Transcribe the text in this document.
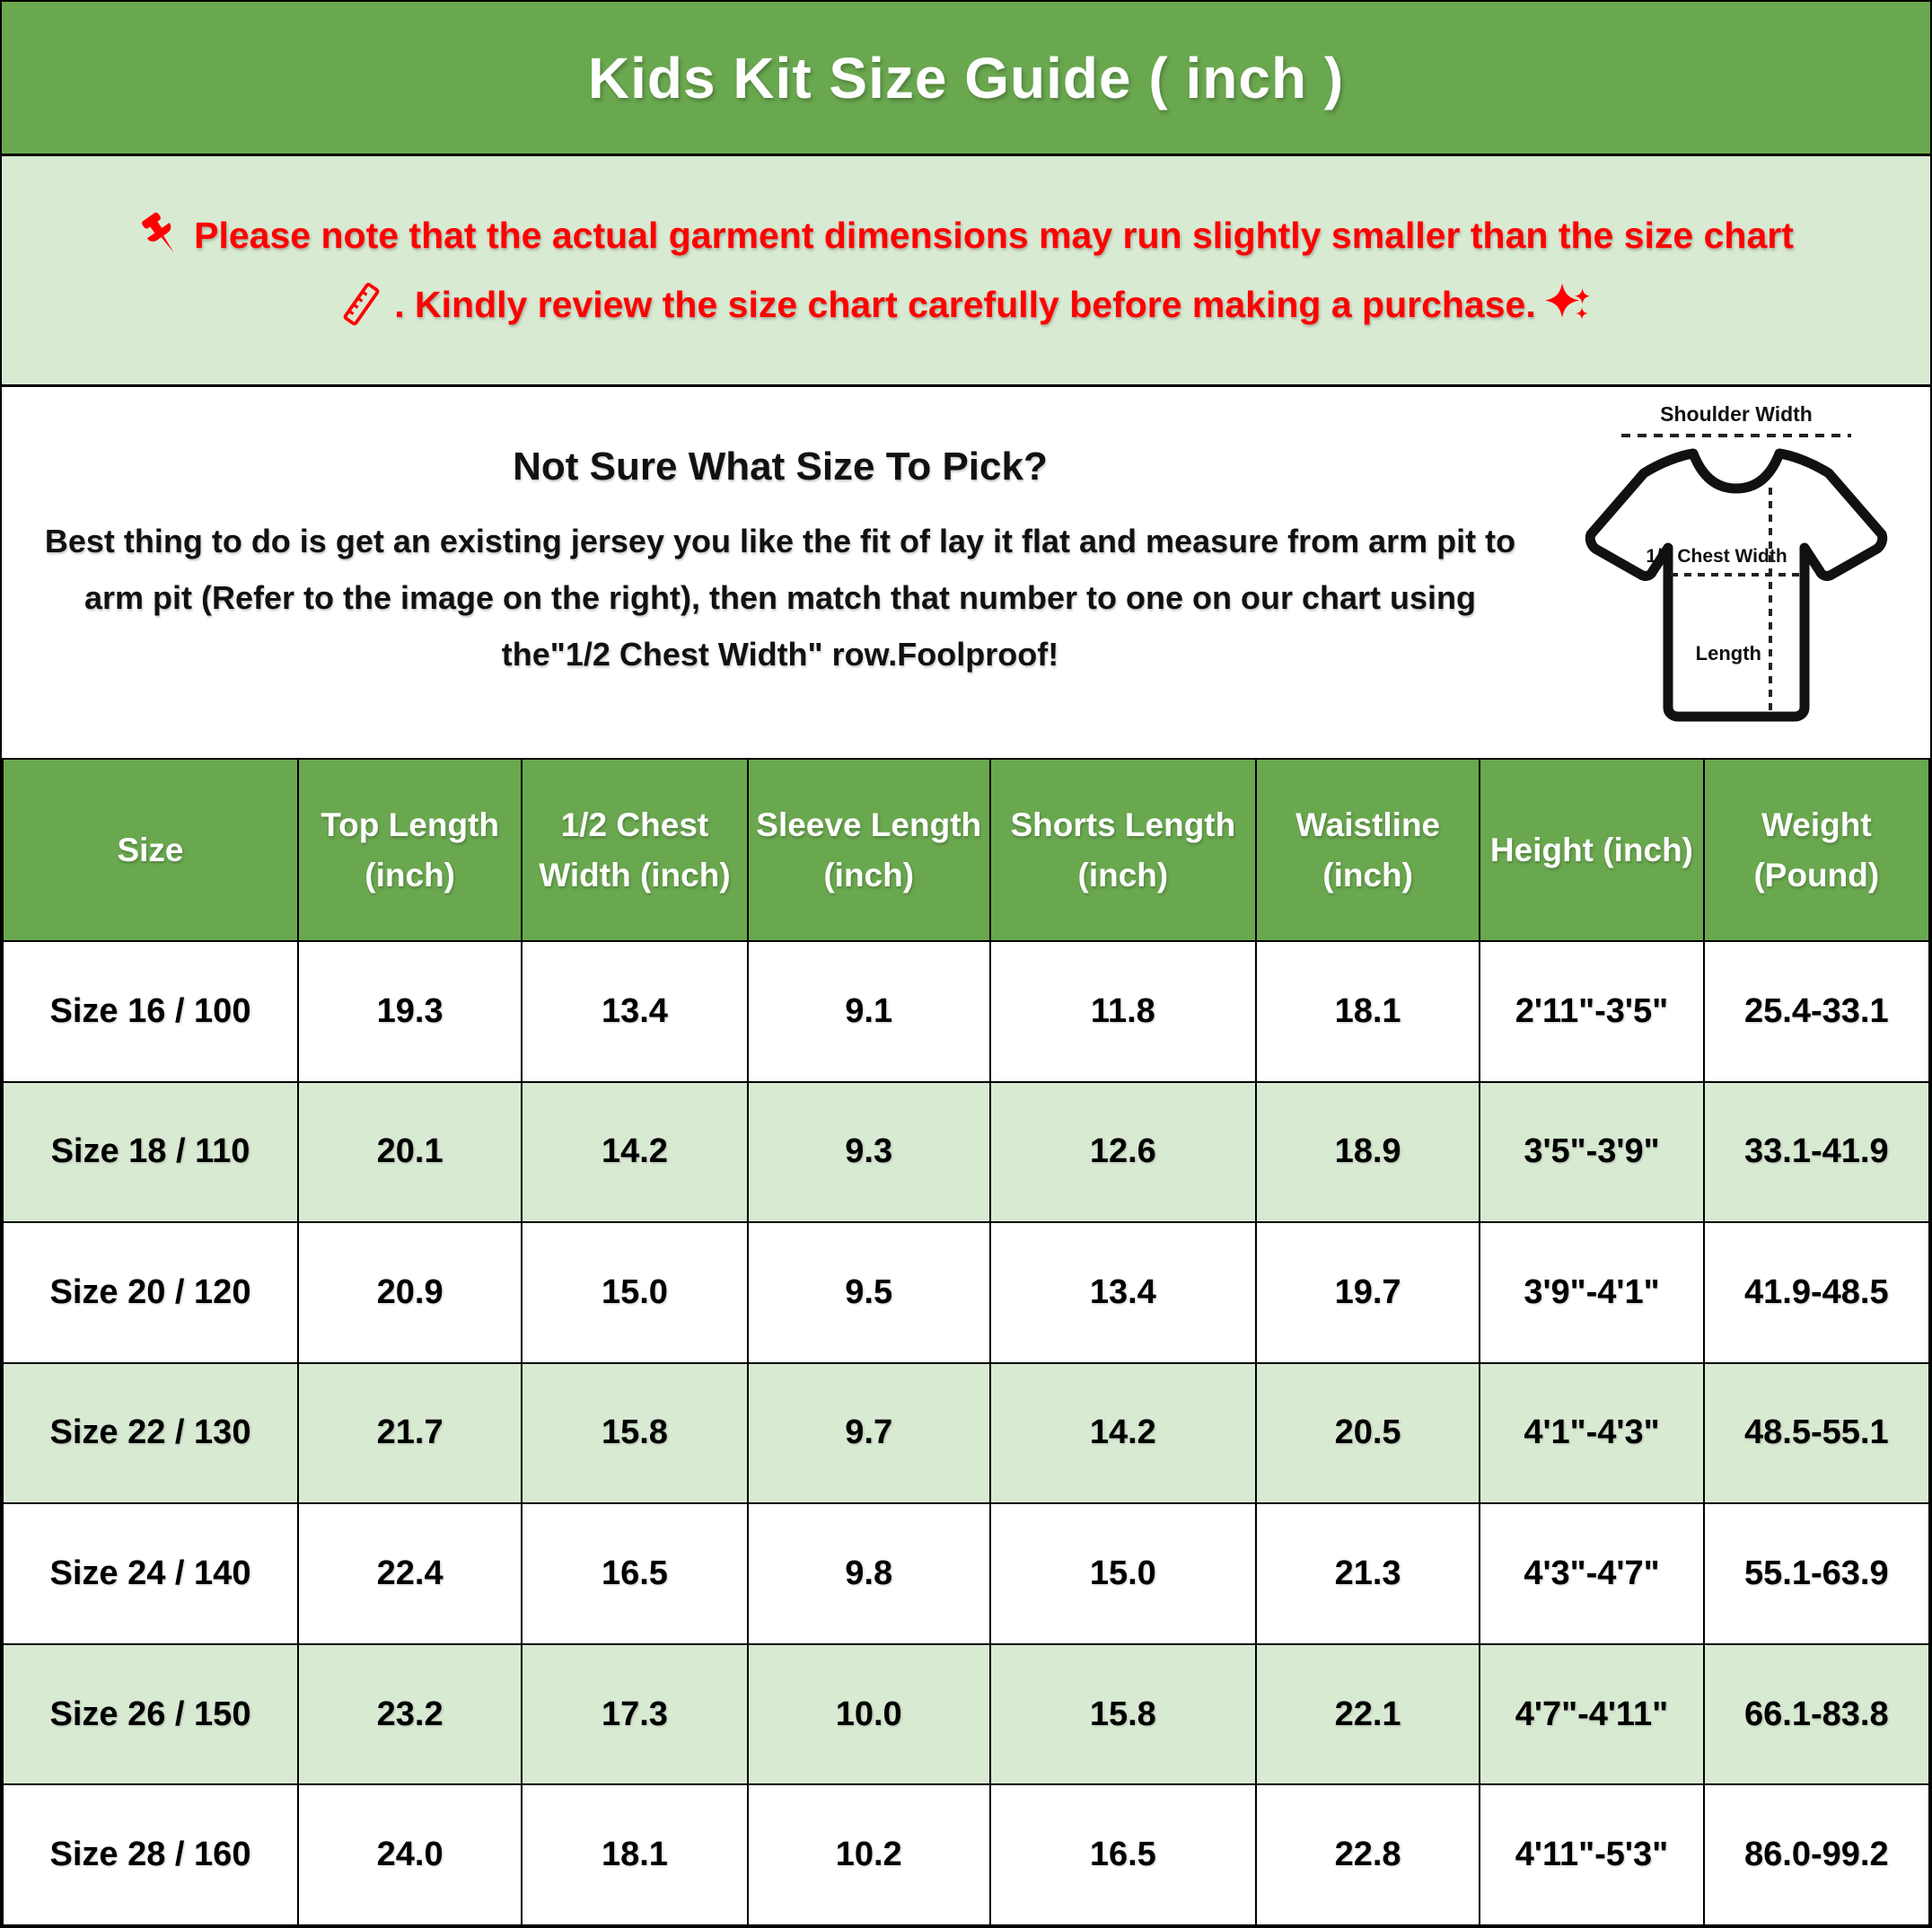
Kids Kit Size Guide ( inch )
Please note that the actual garment dimensions may run slightly smaller than the size chart
. Kindly review the size chart carefully before making a purchase.
Not Sure What Size To Pick?

Best thing to do is get an existing jersey you like the fit of lay it flat and measure from arm pit to arm pit (Refer to the image on the right), then match that number to one on our chart using the"1/2 Chest Width" row.Foolproof!

Shoulder Width
1/2 Chest Width
Length
Size	Top Length (inch)	1/2 Chest Width (inch)	Sleeve Length (inch)	Shorts Length (inch)	Waistline (inch)	Height (inch)	Weight (Pound)
Size 16 / 100	19.3	13.4	9.1	11.8	18.1	2'11"-3'5"	25.4-33.1
Size 18 / 110	20.1	14.2	9.3	12.6	18.9	3'5"-3'9"	33.1-41.9
Size 20 / 120	20.9	15.0	9.5	13.4	19.7	3'9"-4'1"	41.9-48.5
Size 22 / 130	21.7	15.8	9.7	14.2	20.5	4'1"-4'3"	48.5-55.1
Size 24 / 140	22.4	16.5	9.8	15.0	21.3	4'3"-4'7"	55.1-63.9
Size 26 / 150	23.2	17.3	10.0	15.8	22.1	4'7"-4'11"	66.1-83.8
Size 28 / 160	24.0	18.1	10.2	16.5	22.8	4'11"-5'3"	86.0-99.2
